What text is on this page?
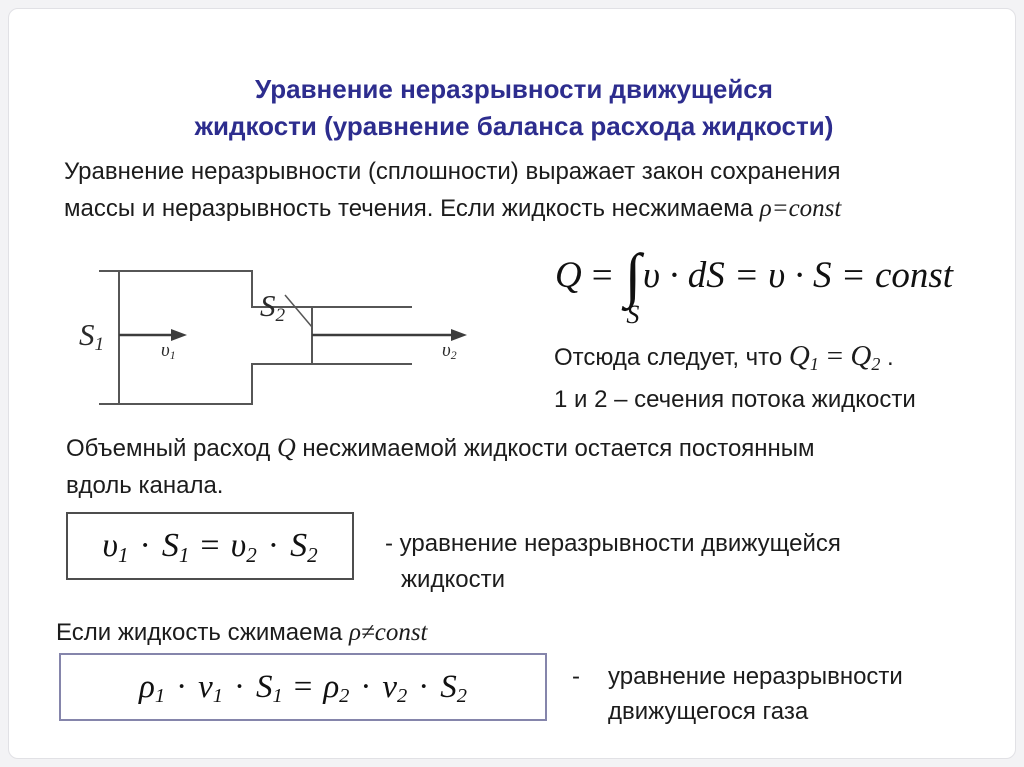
Уравнение неразрывности движущейся
жидкости (уравнение баланса расхода жидкости)
Уравнение неразрывности (сплошности) выражает закон сохранения
массы и неразрывность течения. Если жидкость несжимаема ρ=const
$S_1$
$S_2$
$\upsilon_1$	$\upsilon_2$
Q = ∫
S
υ · dS = υ · S = const
Отсюда следует, что $Q_1 = Q_2$ .
1 и 2 – сечения потока жидкости
Объемный расход Q несжимаемой жидкости остается постоянным
вдоль канала.
$\upsilon_1 \cdot S_1 = \upsilon_2 \cdot S_2$	- уравнение неразрывности движущейся
жидкости
Если жидкость сжимаема ρ≠const
$\rho_1 \cdot v_1 \cdot S_1 = \rho_2 \cdot v_2 \cdot S_2$
- уравнение неразрывности
движущегося газа
